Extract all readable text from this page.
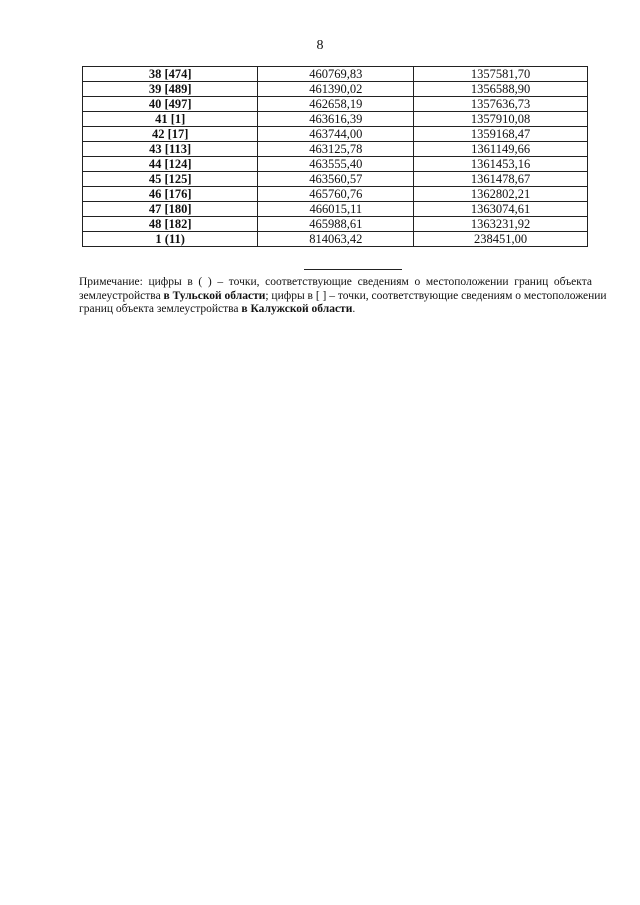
8
38 [474]	460769,83	1357581,70
39 [489]	461390,02	1356588,90
40 [497]	462658,19	1357636,73
41 [1]	463616,39	1357910,08
42 [17]	463744,00	1359168,47
43 [113]	463125,78	1361149,66
44 [124]	463555,40	1361453,16
45 [125]	463560,57	1361478,67
46 [176]	465760,76	1362802,21
47 [180]	466015,11	1363074,61
48 [182]	465988,61	1363231,92
1 (11)	814063,42	238451,00
Примечание: цифры в ( ) – точки, соответствующие сведениям о местоположении границ объекта
землеустройства в Тульской области; цифры в [ ] – точки, соответствующие сведениям о местоположении
границ объекта землеустройства в Калужской области.
